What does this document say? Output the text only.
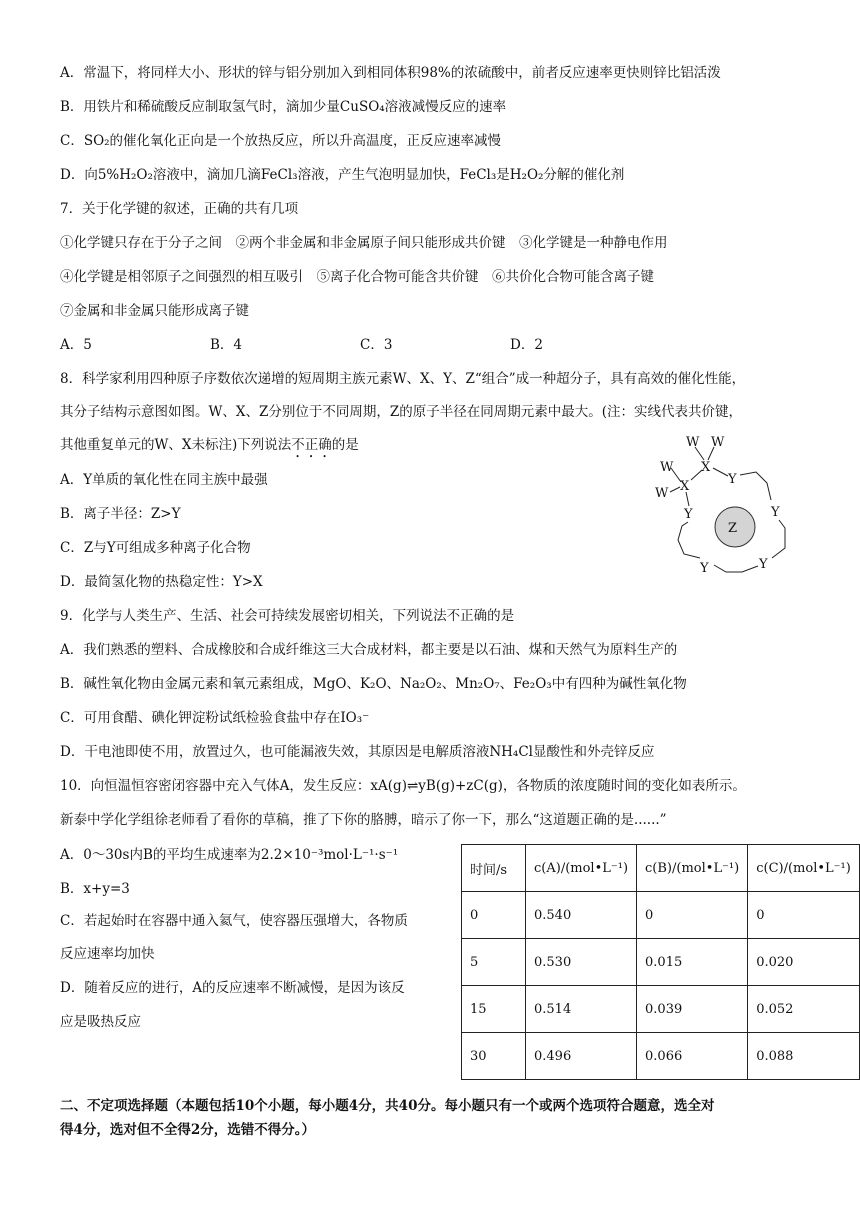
A．常温下，将同样大小、形状的锌与铝分别加入到相同体积98%的浓硫酸中，前者反应速率更快则锌比铝活泼
B．用铁片和稀硫酸反应制取氢气时，滴加少量CuSO₄溶液减慢反应的速率
C．SO₂的催化氧化正向是一个放热反应，所以升高温度，正反应速率减慢
D．向5%H₂O₂溶液中，滴加几滴FeCl₃溶液，产生气泡明显加快，FeCl₃是H₂O₂分解的催化剂
7．关于化学键的叙述，正确的共有几项
①化学键只存在于分子之间　②两个非金属和非金属原子间只能形成共价键　③化学键是一种静电作用
④化学键是相邻原子之间强烈的相互吸引　⑤离子化合物可能含共价键　⑥共价化合物可能含离子键
⑦金属和非金属只能形成离子键
A．5	B．4	C．3	D．2
8．科学家利用四种原子序数依次递增的短周期主族元素W、X、Y、Z“组合”成一种超分子，具有高效的催化性能，
其分子结构示意图如图。W、X、Z分别位于不同周期，Z的原子半径在同周期元素中最大。(注：实线代表共价键，
其他重复单元的W、X未标注)下列说法不正确的是
A．Y单质的氧化性在同主族中最强
B．离子半径：Z>Y
C．Z与Y可组成多种离子化合物
D．最简氢化物的热稳定性：Y>X
Z
W W
X
W
X
W
Y
Y	Y
Y
Y
9．化学与人类生产、生活、社会可持续发展密切相关，下列说法不正确的是
A．我们熟悉的塑料、合成橡胶和合成纤维这三大合成材料，都主要是以石油、煤和天然气为原料生产的
B．碱性氧化物由金属元素和氧元素组成，MgO、K₂O、Na₂O₂、Mn₂O₇、Fe₂O₃中有四种为碱性氧化物
C．可用食醋、碘化钾淀粉试纸检验食盐中存在IO₃⁻
D．干电池即使不用，放置过久，也可能漏液失效，其原因是电解质溶液NH₄Cl显酸性和外壳锌反应
10．向恒温恒容密闭容器中充入气体A，发生反应：xA(g)⇌yB(g)+zC(g)，各物质的浓度随时间的变化如表所示。
新泰中学化学组徐老师看了看你的草稿，推了下你的胳膊，暗示了你一下，那么“这道题正确的是......”
A．0～30s内B的平均生成速率为2.2×10⁻³mol·L⁻¹·s⁻¹
B．x+y=3
C．若起始时在容器中通入氦气，使容器压强增大，各物质
反应速率均加快
D．随着反应的进行，A的反应速率不断减慢，是因为该反
应是吸热反应
时间/s	c(A)/(mol•L⁻¹)	c(B)/(mol•L⁻¹)	c(C)/(mol•L⁻¹)
0	0.540	0	0
5	0.530	0.015	0.020
15	0.514	0.039	0.052
30	0.496	0.066	0.088
二、不定项选择题（本题包括10个小题，每小题4分，共40分。每小题只有一个或两个选项符合题意，选全对
得4分，选对但不全得2分，选错不得分。）
